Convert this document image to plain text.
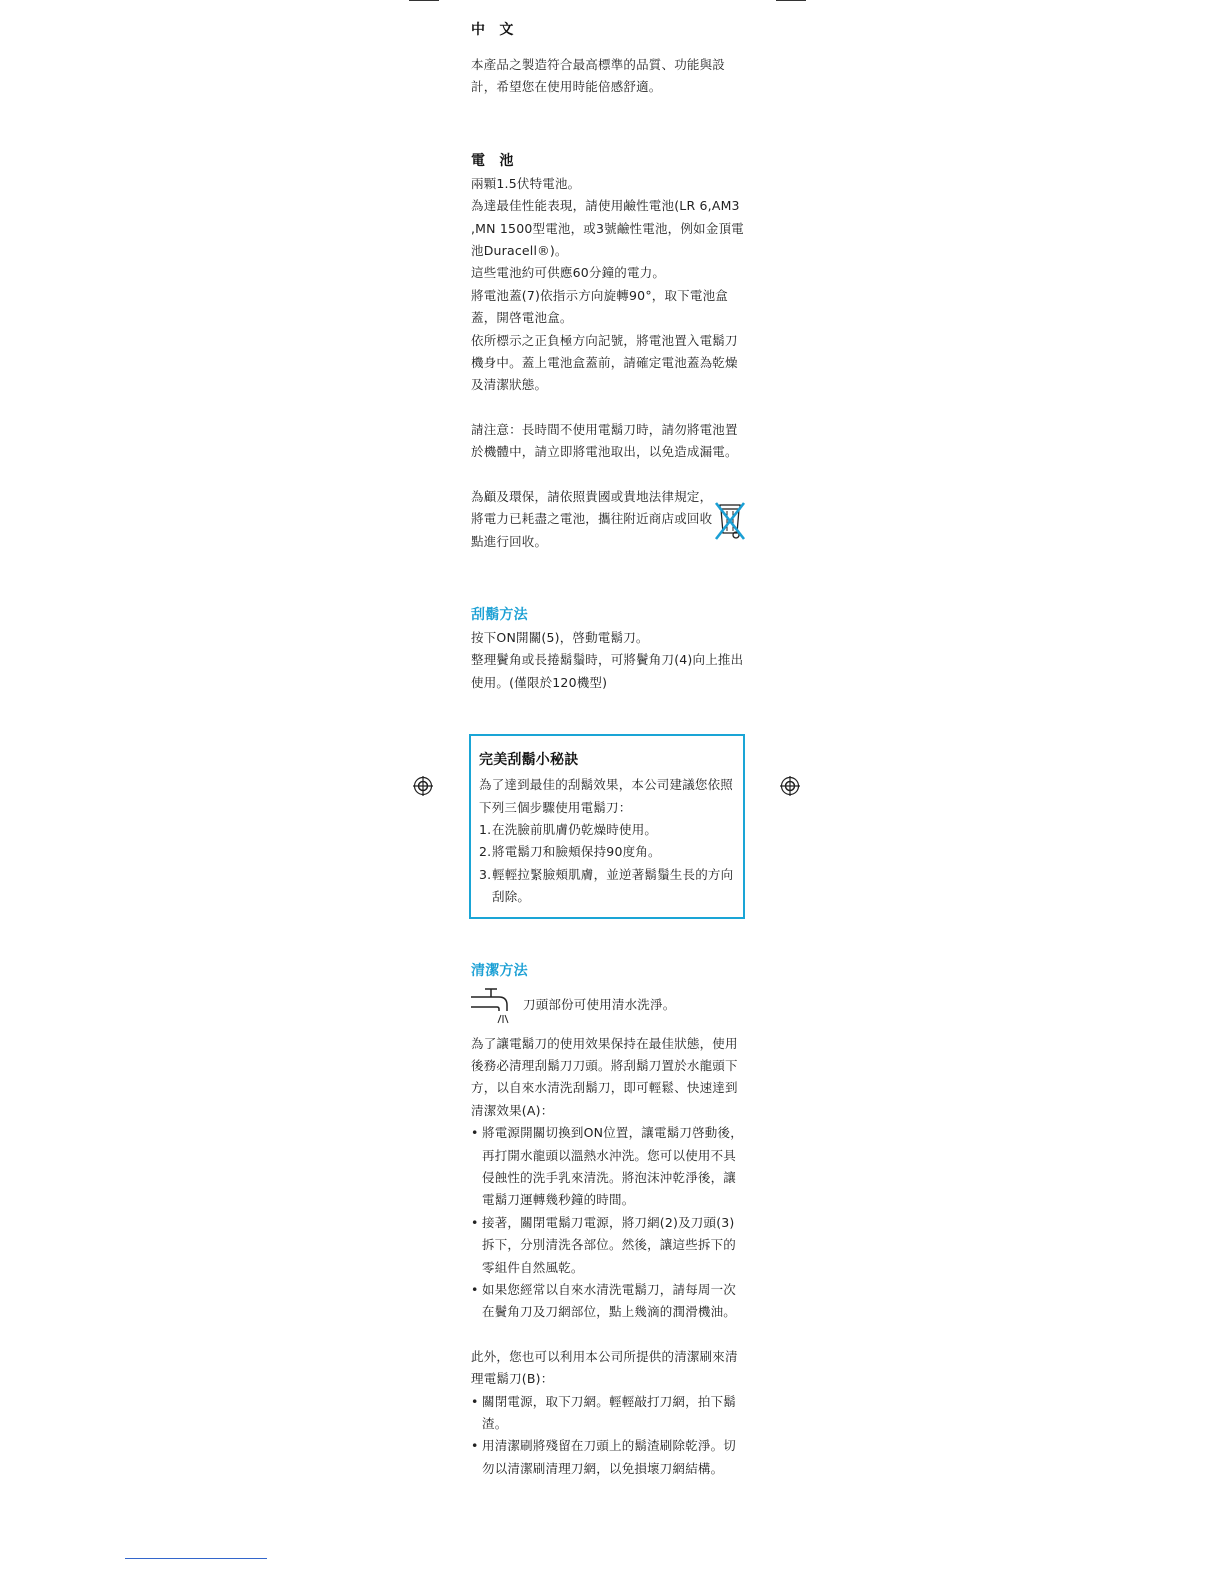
中　文

本產品之製造符合最高標準的品質、功能與設計，希望您在使用時能倍感舒適。

電　池

兩顆1.5伏特電池。

為達最佳性能表現，請使用鹼性電池(LR 6,AM3 ,MN 1500型電池，或3號鹼性電池，例如金頂電池Duracell®)。

這些電池約可供應60分鐘的電力。

將電池蓋(7)依指示方向旋轉90°，取下電池盒蓋，開啓電池盒。

依所標示之正負極方向記號，將電池置入電鬍刀機身中。蓋上電池盒蓋前，請確定電池蓋為乾燥及清潔狀態。

請注意：長時間不使用電鬍刀時，請勿將電池置於機體中，請立即將電池取出，以免造成漏電。

為顧及環保，請依照貴國或貴地法律規定，將電力已耗盡之電池，攜往附近商店或回收點進行回收。

刮鬍方法

按下ON開關(5)，啓動電鬍刀。

整理鬢角或長捲鬍鬚時，可將鬢角刀(4)向上推出使用。(僅限於120機型)

完美刮鬍小秘訣

為了達到最佳的刮鬍效果，本公司建議您依照下列三個步驟使用電鬍刀：

1. 在洗臉前肌膚仍乾燥時使用。
2. 將電鬍刀和臉頰保持90度角。
3. 輕輕拉緊臉頰肌膚，並逆著鬍鬚生長的方向刮除。

清潔方法

刀頭部份可使用清水洗淨。

為了讓電鬍刀的使用效果保持在最佳狀態，使用後務必清理刮鬍刀刀頭。將刮鬍刀置於水龍頭下方，以自來水清洗刮鬍刀，即可輕鬆、快速達到清潔效果(A)：

• 將電源開關切換到ON位置，讓電鬍刀啓動後，再打開水龍頭以溫熱水沖洗。您可以使用不具侵蝕性的洗手乳來清洗。將泡沫沖乾淨後，讓電鬍刀運轉幾秒鐘的時間。
• 接著，關閉電鬍刀電源，將刀網(2)及刀頭(3)拆下，分別清洗各部位。然後，讓這些拆下的零組件自然風乾。
• 如果您經常以自來水清洗電鬍刀，請每周一次在鬢角刀及刀網部位，點上幾滴的潤滑機油。

此外，您也可以利用本公司所提供的清潔刷來清理電鬍刀(B)：

• 關閉電源，取下刀網。輕輕敲打刀網，拍下鬍渣。
• 用清潔刷將殘留在刀頭上的鬍渣刷除乾淨。切勿以清潔刷清理刀網，以免損壞刀網結構。
